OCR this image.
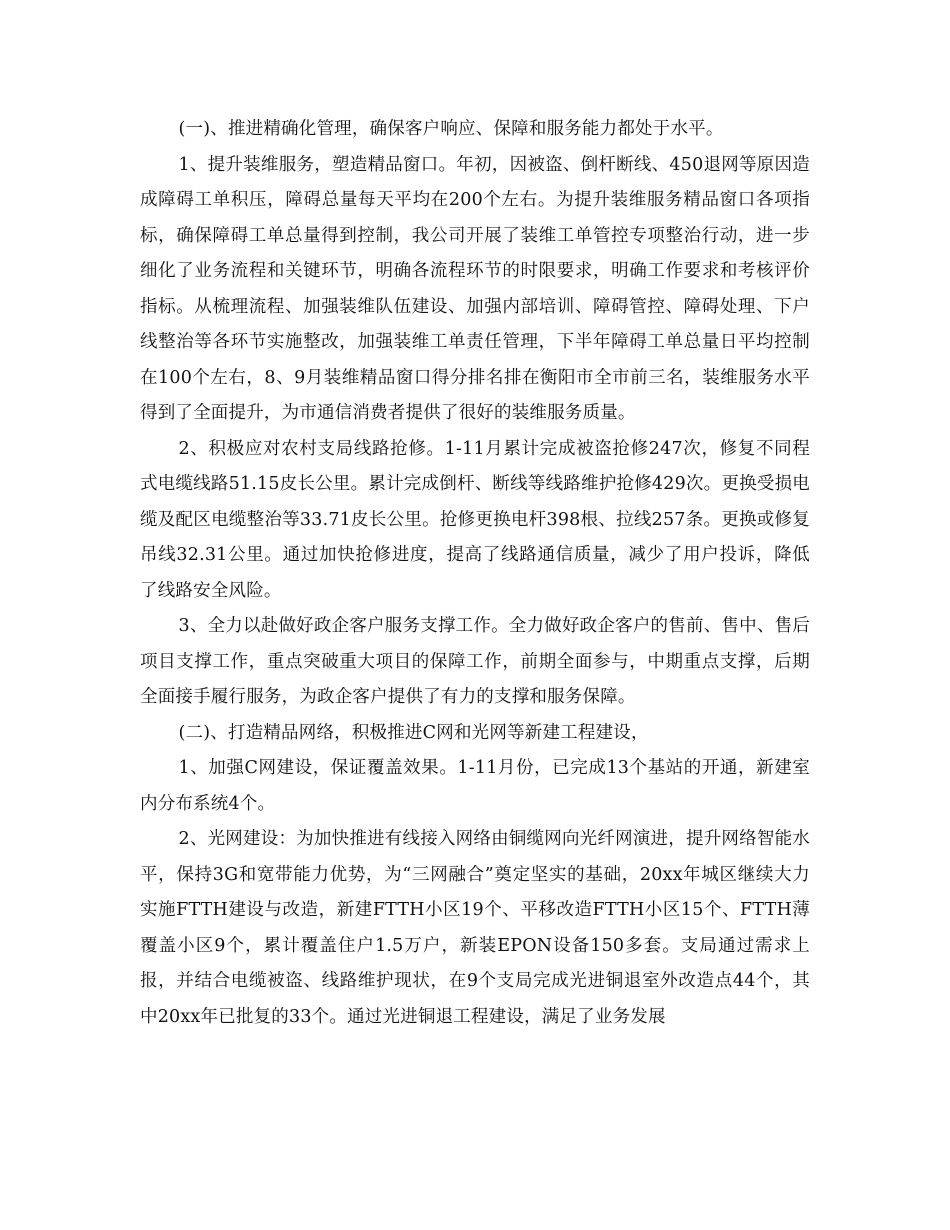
(一)、推进精确化管理，确保客户响应、保障和服务能力都处于水平。

1、提升装维服务，塑造精品窗口。年初，因被盗、倒杆断线、450退网等原因造成障碍工单积压，障碍总量每天平均在200个左右。为提升装维服务精品窗口各项指标，确保障碍工单总量得到控制，我公司开展了装维工单管控专项整治行动，进一步细化了业务流程和关键环节，明确各流程环节的时限要求，明确工作要求和考核评价指标。从梳理流程、加强装维队伍建设、加强内部培训、障碍管控、障碍处理、下户线整治等各环节实施整改，加强装维工单责任管理，下半年障碍工单总量日平均控制在100个左右，8、9月装维精品窗口得分排名排在衡阳市全市前三名，装维服务水平得到了全面提升，为市通信消费者提供了很好的装维服务质量。

2、积极应对农村支局线路抢修。1-11月累计完成被盗抢修247次，修复不同程式电缆线路51.15皮长公里。累计完成倒杆、断线等线路维护抢修429次。更换受损电缆及配区电缆整治等33.71皮长公里。抢修更换电杆398根、拉线257条。更换或修复吊线32.31公里。通过加快抢修进度，提高了线路通信质量，减少了用户投诉，降低了线路安全风险。

3、全力以赴做好政企客户服务支撑工作。全力做好政企客户的售前、售中、售后项目支撑工作，重点突破重大项目的保障工作，前期全面参与，中期重点支撑，后期全面接手履行服务，为政企客户提供了有力的支撑和服务保障。

(二)、打造精品网络，积极推进C网和光网等新建工程建设，

1、加强C网建设，保证覆盖效果。1-11月份，已完成13个基站的开通，新建室内分布系统4个。

2、光网建设：为加快推进有线接入网络由铜缆网向光纤网演进，提升网络智能水平，保持3G和宽带能力优势，为“三网融合”奠定坚实的基础，20xx年城区继续大力实施FTTH建设与改造，新建FTTH小区19个、平移改造FTTH小区15个、FTTH薄覆盖小区9个，累计覆盖住户1.5万户，新装EPON设备150多套。支局通过需求上报，并结合电缆被盗、线路维护现状，在9个支局完成光进铜退室外改造点44个，其中20xx年已批复的33个。通过光进铜退工程建设，满足了业务发展
